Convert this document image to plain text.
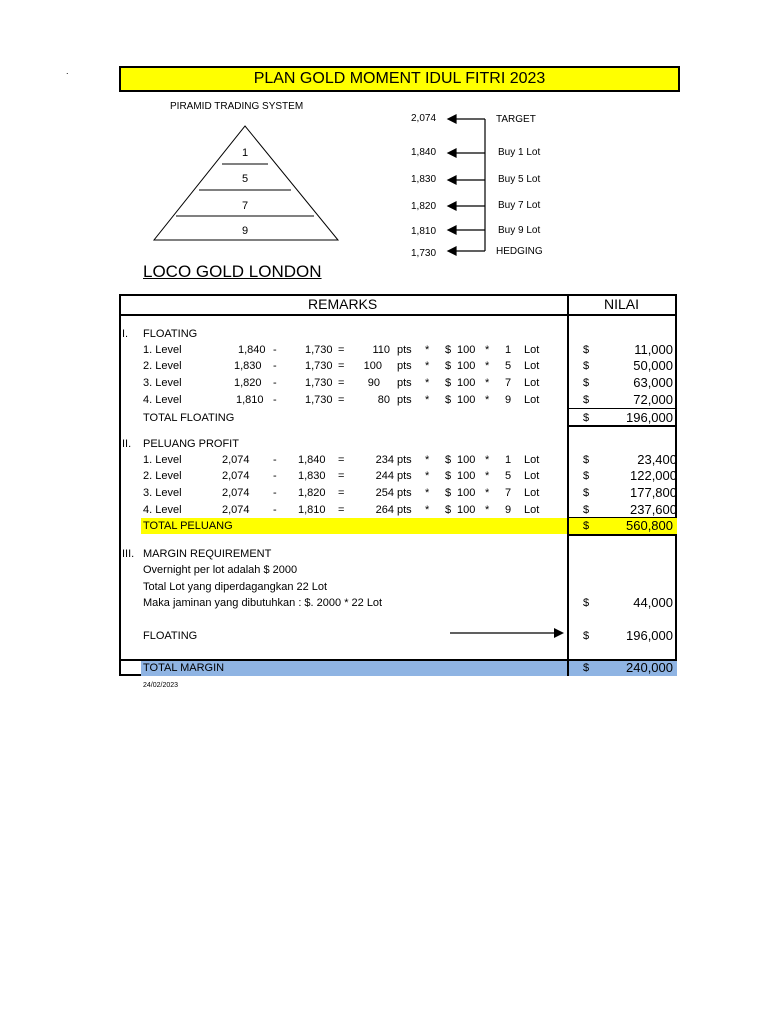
.	PLAN GOLD MOMENT IDUL FITRI 2023
PIRAMID TRADING SYSTEM
1
5
7
9
2,074
1,840
1,830
1,820
1,810
1,730
TARGET
Buy 1 Lot
Buy 5 Lot
Buy 7 Lot
Buy 9 Lot
HEDGING
LOCO GOLD LONDON
REMARKS	NILAI
I. FLOATING
1. Level	1,840 -	1,730 =	110 pts * $ 100 * 1 Lot	$	11,000
2. Level	1,830 -	1,730 =	100 pts * $ 100 * 5 Lot	$	50,000
3. Level	1,820 -	1,730 =	90 pts * $ 100 * 7 Lot	$	63,000
4. Level	1,810 -	1,730 =	80 pts * $ 100 * 9 Lot	$	72,000
TOTAL FLOATING	$	196,000
II. PELUANG PROFIT
1. Level	2,074 - 1,840 =	234 pts * $ 100 * 1 Lot	$	23,400
2. Level	2,074 - 1,830 =	244 pts * $ 100 * 5 Lot	$	122,000
3. Level	2,074 - 1,820 =	254 pts * $ 100 * 7 Lot	$	177,800
4. Level	2,074 - 1,810 =	264 pts * $ 100 * 9 Lot	$	237,600
TOTAL PELUANG	$	560,800
III. MARGIN REQUIREMENT
Overnight per lot adalah $ 2000
Total Lot yang diperdagangkan 22 Lot
Maka jaminan yang dibutuhkan : $. 2000 * 22 Lot	$	44,000
FLOATING	$	196,000
TOTAL MARGIN	$	240,000
24/02/2023
